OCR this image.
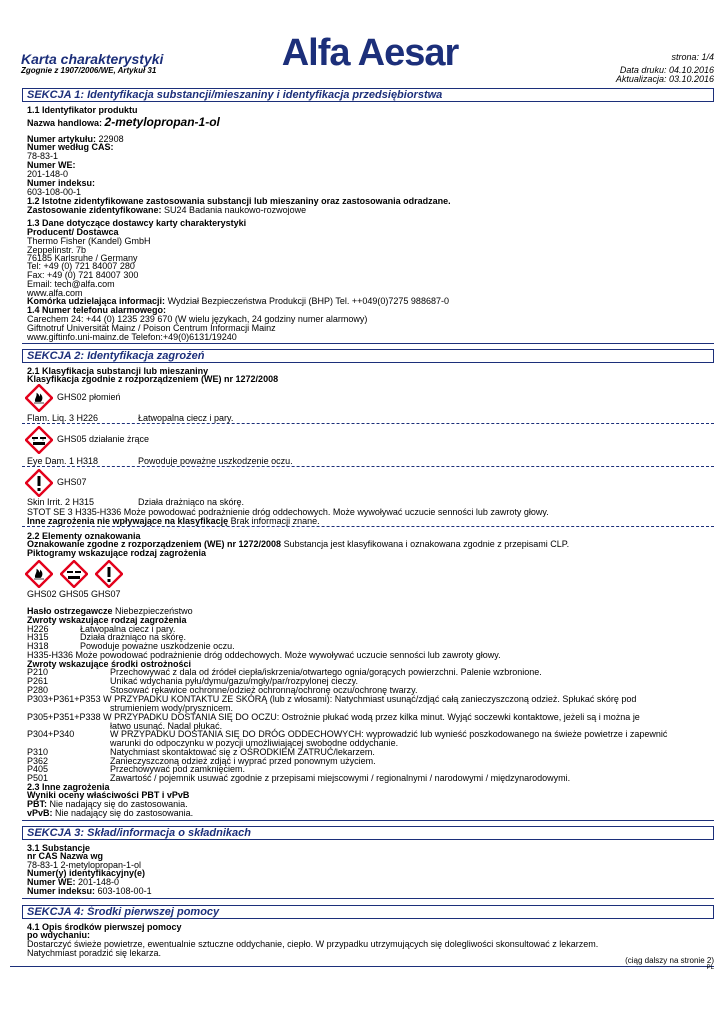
Karta charakterystyki
Zgognie z 1907/2006/WE, Artykuł 31	Alfa Aesar	strona: 1/4
Data druku: 04.10.2016
Aktualizacja: 03.10.2016
SEKCJA 1: Identyfikacja substancji/mieszaniny i identyfikacja przedsiębiorstwa
1.1 Identyfikator produktu
Nazwa handlowa: 2-metylopropan-1-ol
Numer artykułu: 22908
Numer według CAS:
78-83-1
Numer WE:
201-148-0
Numer indeksu:
603-108-00-1
1.2 Istotne zidentyfikowane zastosowania substancji lub mieszaniny oraz zastosowania odradzane.
Zastosowanie zidentyfikowane: SU24 Badania naukowo-rozwojowe
1.3 Dane dotyczące dostawcy karty charakterystyki
Producent/ Dostawca
Thermo Fisher (Kandel) GmbH
Zeppelinstr. 7b
76185 Karlsruhe / Germany
Tel: +49 (0) 721 84007 280
Fax: +49 (0) 721 84007 300
Email: tech@alfa.com
www.alfa.com
Komórka udzielająca informacji: Wydział Bezpieczeństwa Produkcji (BHP) Tel. ++049(0)7275 988687-0
1.4 Numer telefonu alarmowego:
Carechem 24: +44 (0) 1235 239 670 (W wielu językach, 24 godziny numer alarmowy)
Giftnotruf Universität Mainz / Poison Centrum Informacji Mainz
www.giftinfo.uni-mainz.de Telefon:+49(0)6131/19240
SEKCJA 2: Identyfikacja zagrożeń
2.1 Klasyfikacja substancji lub mieszaniny
Klasyfikacja zgodnie z rozporządzeniem (WE) nr 1272/2008
GHS02 płomień
Flam. Liq. 3 H226	Łatwopalna ciecz i pary.
GHS05 działanie żrące
Eye Dam. 1 H318	Powoduje poważne uszkodzenie oczu.
GHS07
Skin Irrit. 2 H315	Działa drażniąco na skórę.
STOT SE 3 H335-H336 Może powodować podrażnienie dróg oddechowych. Może wywoływać uczucie senności lub zawroty głowy.
Inne zagrożenia nie wpływające na klasyfikację Brak informacji znane.
2.2 Elementy oznakowania
Oznakowanie zgodne z rozporządzeniem (WE) nr 1272/2008 Substancja jest klasyfikowana i oznakowana zgodnie z przepisami CLP.
Piktogramy wskazujące rodzaj zagrożenia
GHS02 GHS05 GHS07
Hasło ostrzegawcze Niebezpieczeństwo
Zwroty wskazujące rodzaj zagrożenia
H226	Łatwopalna ciecz i pary.
H315	Działa drażniąco na skórę.
H318	Powoduje poważne uszkodzenie oczu.
H335-H336 Może powodować podrażnienie dróg oddechowych. Może wywoływać uczucie senności lub zawroty głowy.
Zwroty wskazujące środki ostrożności
P210	Przechowywać z dala od źródeł ciepła/iskrzenia/otwartego ognia/gorących powierzchni. Palenie wzbronione.
P261	Unikać wdychania pyłu/dymu/gazu/mgły/par/rozpylonej cieczy.
P280	Stosować rękawice ochronne/odzież ochronną/ochronę oczu/ochronę twarzy.
P303+P361+P353 W PRZYPADKU KONTAKTU ZE SKÓRĄ (lub z włosami): Natychmiast usunąć/zdjąć całą zanieczyszczoną odzież. Spłukać skórę pod
strumieniem wody/prysznicem.
P305+P351+P338 W PRZYPADKU DOSTANIA SIĘ DO OCZU: Ostrożnie płukać wodą przez kilka minut. Wyjąć soczewki kontaktowe, jeżeli są i można je
łatwo usunąć. Nadal płukać.
P304+P340	W PRZYPADKU DOSTANIA SIĘ DO DRÓG ODDECHOWYCH: wyprowadzić lub wynieść poszkodowanego na świeże powietrze i zapewnić
warunki do odpoczynku w pozycji umożliwiającej swobodne oddychanie.
P310	Natychmiast skontaktować się z OŚRODKIEM ZATRUĆ/lekarzem.
P362	Zanieczyszczoną odzież zdjąć i wyprać przed ponownym użyciem.
P405	Przechowywać pod zamknięciem.
P501	Zawartość / pojemnik usuwać zgodnie z przepisami miejscowymi / regionalnymi / narodowymi / międzynarodowymi.
2.3 Inne zagrożenia
Wyniki oceny właściwości PBT i vPvB
PBT: Nie nadający się do zastosowania.
vPvB: Nie nadający się do zastosowania.
SEKCJA 3: Skład/informacja o składnikach
3.1 Substancje
nr CAS Nazwa wg
78-83-1 2-metylopropan-1-ol
Numer(y) identyfikacyjny(e)
Numer WE: 201-148-0
Numer indeksu: 603-108-00-1
SEKCJA 4: Środki pierwszej pomocy
4.1 Opis środków pierwszej pomocy
po wdychaniu:
Dostarczyć świeże powietrze, ewentualnie sztuczne oddychanie, ciepło. W przypadku utrzymujących się dolegliwości skonsultować z lekarzem.
Natychmiast poradzić się lekarza.
(ciąg dalszy na stronie 2)
PL
